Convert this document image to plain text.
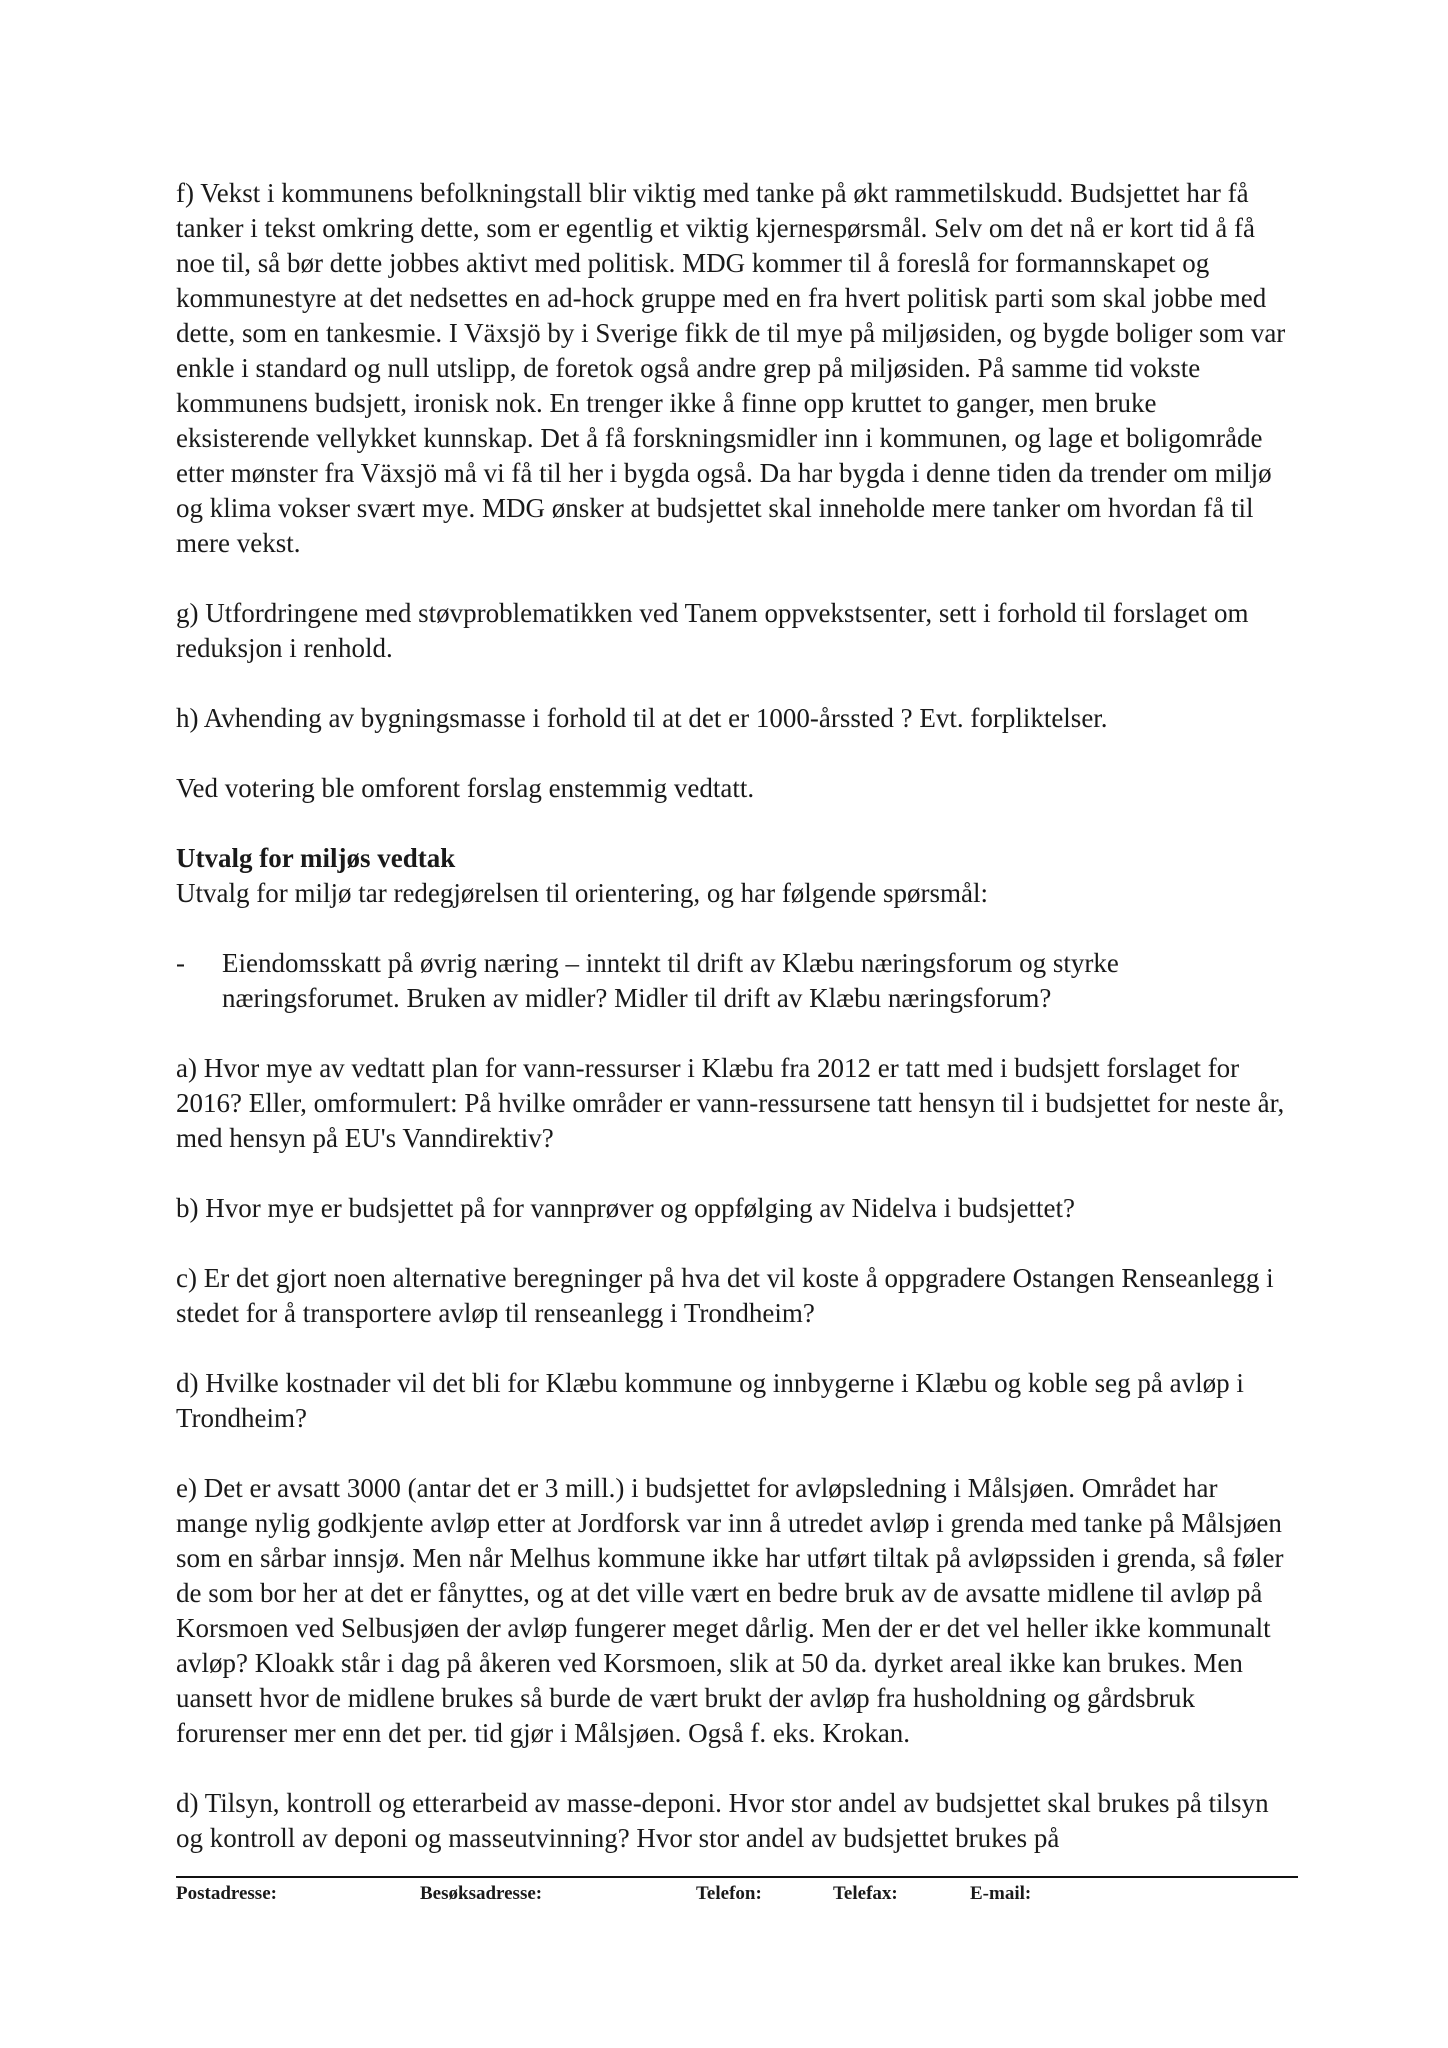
f) Vekst i kommunens befolkningstall blir viktig med tanke på økt rammetilskudd. Budsjettet har få tanker i tekst omkring dette, som er egentlig et viktig kjernespørsmål. Selv om det nå er kort tid å få noe til, så bør dette jobbes aktivt med politisk. MDG kommer til å foreslå for formannskapet og kommunestyre at det nedsettes en ad-hock gruppe med en fra hvert politisk parti som skal jobbe med dette, som en tankesmie. I Växsjö by i Sverige fikk de til mye på miljøsiden, og bygde boliger som var enkle i standard og null utslipp, de foretok også andre grep på miljøsiden. På samme tid vokste kommunens budsjett, ironisk nok. En trenger ikke å finne opp kruttet to ganger, men bruke eksisterende vellykket kunnskap. Det å få forskningsmidler inn i kommunen, og lage et boligområde etter mønster fra Växsjö må vi få til her i bygda også. Da har bygda i denne tiden da trender om miljø og klima vokser svært mye. MDG ønsker at budsjettet skal inneholde mere tanker om hvordan få til mere vekst.

g) Utfordringene med støvproblematikken ved Tanem oppvekstsenter, sett i forhold til forslaget om reduksjon i renhold.

h) Avhending av bygningsmasse i forhold til at det er 1000-årssted ? Evt. forpliktelser.

Ved votering ble omforent forslag enstemmig vedtatt.

Utvalg for miljøs vedtak

Utvalg for miljø tar redegjørelsen til orientering, og har følgende spørsmål:

-	Eiendomsskatt på øvrig næring – inntekt til drift av Klæbu næringsforum og styrke næringsforumet. Bruken av midler? Midler til drift av Klæbu næringsforum?

a) Hvor mye av vedtatt plan for vann-ressurser i Klæbu fra 2012 er tatt med i budsjett forslaget for 2016? Eller, omformulert: På hvilke områder er vann-ressursene tatt hensyn til i budsjettet for neste år, med hensyn på EU's Vanndirektiv?

b) Hvor mye er budsjettet på for vannprøver og oppfølging av Nidelva i budsjettet?

c) Er det gjort noen alternative beregninger på hva det vil koste å oppgradere Ostangen Renseanlegg i stedet for å transportere avløp til renseanlegg i Trondheim?

d) Hvilke kostnader vil det bli for Klæbu kommune og innbygerne i Klæbu og koble seg på avløp i Trondheim?

e) Det er avsatt 3000 (antar det er 3 mill.) i budsjettet for avløpsledning i Målsjøen. Området har mange nylig godkjente avløp etter at Jordforsk var inn å utredet avløp i grenda med tanke på Målsjøen som en sårbar innsjø. Men når Melhus kommune ikke har utført tiltak på avløpssiden i grenda, så føler de som bor her at det er fånyttes, og at det ville vært en bedre bruk av de avsatte midlene til avløp på Korsmoen ved Selbusjøen der avløp fungerer meget dårlig. Men der er det vel heller ikke kommunalt avløp? Kloakk står i dag på åkeren ved Korsmoen, slik at 50 da. dyrket areal ikke kan brukes. Men uansett hvor de midlene brukes så burde de vært brukt der avløp fra husholdning og gårdsbruk forurenser mer enn det per. tid gjør i Målsjøen. Også f. eks. Krokan.

d) Tilsyn, kontroll og etterarbeid av masse-deponi. Hvor stor andel av budsjettet skal brukes på tilsyn og kontroll av deponi og masseutvinning? Hvor stor andel av budsjettet brukes på

Postadresse:	Besøksadresse:	Telefon:	Telefax:	E-mail:
